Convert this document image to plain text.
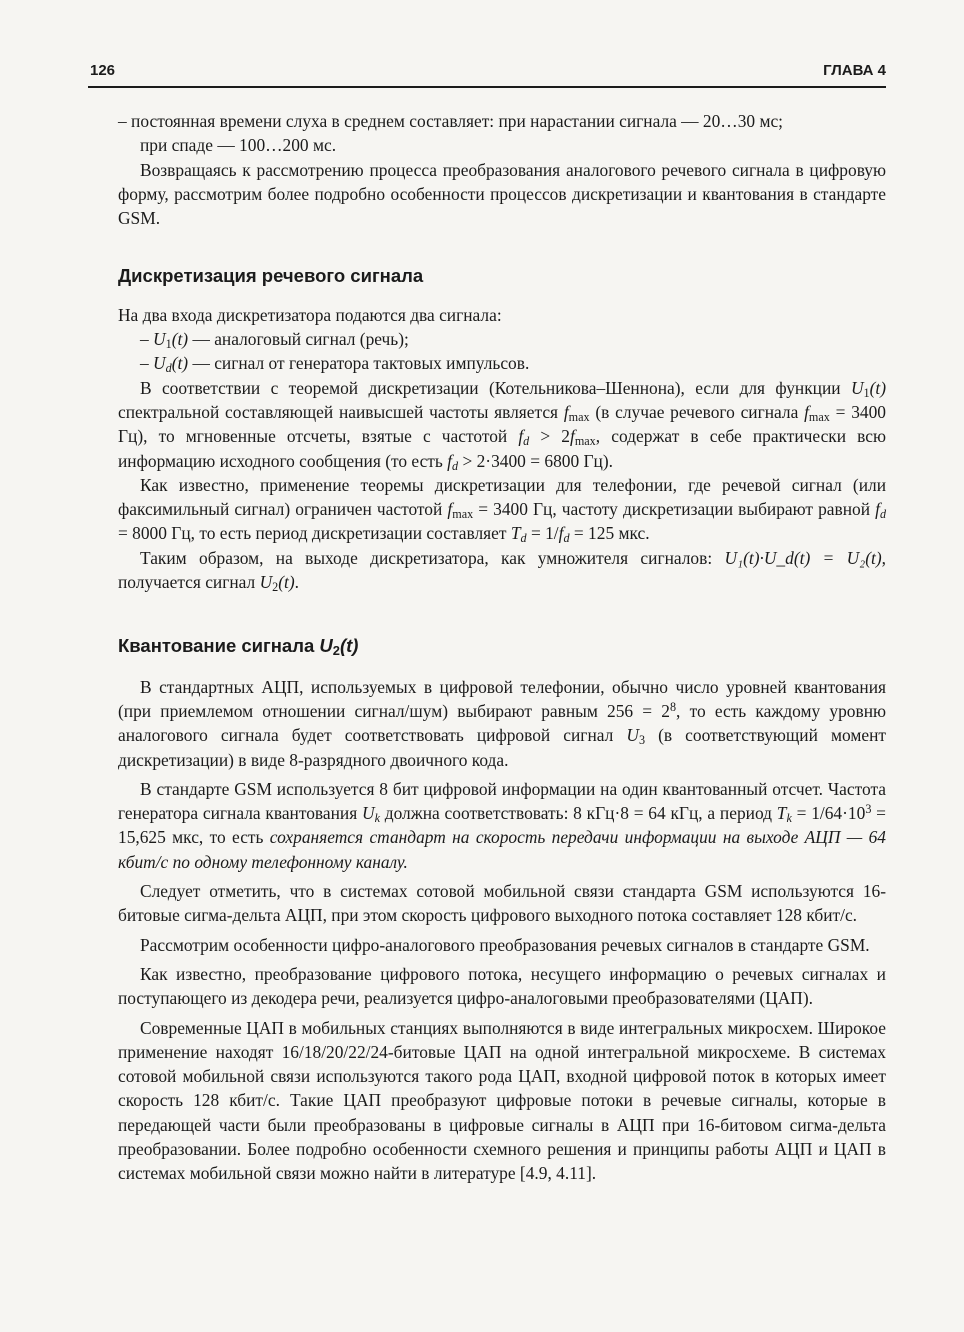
126	ГЛАВА 4

– постоянная времени слуха в среднем составляет: при нарастании сигнала — 20…30 мс;
при спаде — 100…200 мс.

Возвращаясь к рассмотрению процесса преобразования аналогового речевого сигнала в цифровую форму, рассмотрим более подробно особенности процессов дискретизации и квантования в стандарте GSM.

Дискретизация речевого сигнала

На два входа дискретизатора подаются два сигнала:

– $U_1(t)$ — аналоговый сигнал (речь);

– $U_d(t)$ — сигнал от генератора тактовых импульсов.

В соответствии с теоремой дискретизации (Котельникова–Шеннона), если для функции $U_1(t)$ спектральной составляющей наивысшей частоты является $f_{max}$ (в случае речевого сигнала $f_{max} = 3400$ Гц), то мгновенные отсчеты, взятые с частотой $f_d > 2f_{max}$, содержат в себе практически всю информацию исходного сообщения (то есть $f_d > 2\cdot 3400 = 6800$ Гц).

Как известно, применение теоремы дискретизации для телефонии, где речевой сигнал (или факсимильный сигнал) ограничен частотой $f_{max} = 3400$ Гц, частоту дискретизации выбирают равной $f_d = 8000$ Гц, то есть период дискретизации составляет $T_d = 1/f_d = 125$ мкс.

Таким образом, на выходе дискретизатора, как умножителя сигналов: U₁(t)·U_d(t) = U₂(t), получается сигнал $U_2(t)$.

Квантование сигнала $U_2(t)$

В стандартных АЦП, используемых в цифровой телефонии, обычно число уровней квантования (при приемлемом отношении сигнал/шум) выбирают равным $256 = 2^8$, то есть каждому уровню аналогового сигнала будет соответствовать цифровой сигнал $U_3$ (в соответствующий момент дискретизации) в виде 8-разрядного двоичного кода.

В стандарте GSM используется 8 бит цифровой информации на один квантованный отсчет. Частота генератора сигнала квантования $U_k$ должна соответствовать: 8 кГц·8 = 64 кГц, а период $T_k = 1/64\cdot 10^3 = 15,625$ мкс, то есть сохраняется стандарт на скорость передачи информации на выходе АЦП — 64 кбит/с по одному телефонному каналу.

Следует отметить, что в системах сотовой мобильной связи стандарта GSM используются 16-битовые сигма-дельта АЦП, при этом скорость цифрового выходного потока составляет 128 кбит/с.

Рассмотрим особенности цифро-аналогового преобразования речевых сигналов в стандарте GSM.

Как известно, преобразование цифрового потока, несущего информацию о речевых сигналах и поступающего из декодера речи, реализуется цифро-аналоговыми преобразователями (ЦАП).

Современные ЦАП в мобильных станциях выполняются в виде интегральных микросхем. Широкое применение находят 16/18/20/22/24-битовые ЦАП на одной интегральной микросхеме. В системах сотовой мобильной связи используются такого рода ЦАП, входной цифровой поток в которых имеет скорость 128 кбит/с. Такие ЦАП преобразуют цифровые потоки в речевые сигналы, которые в передающей части были преобразованы в цифровые сигналы в АЦП при 16-битовом сигма-дельта преобразовании. Более подробно особенности схемного решения и принципы работы АЦП и ЦАП в системах мобильной связи можно найти в литературе [4.9, 4.11].
